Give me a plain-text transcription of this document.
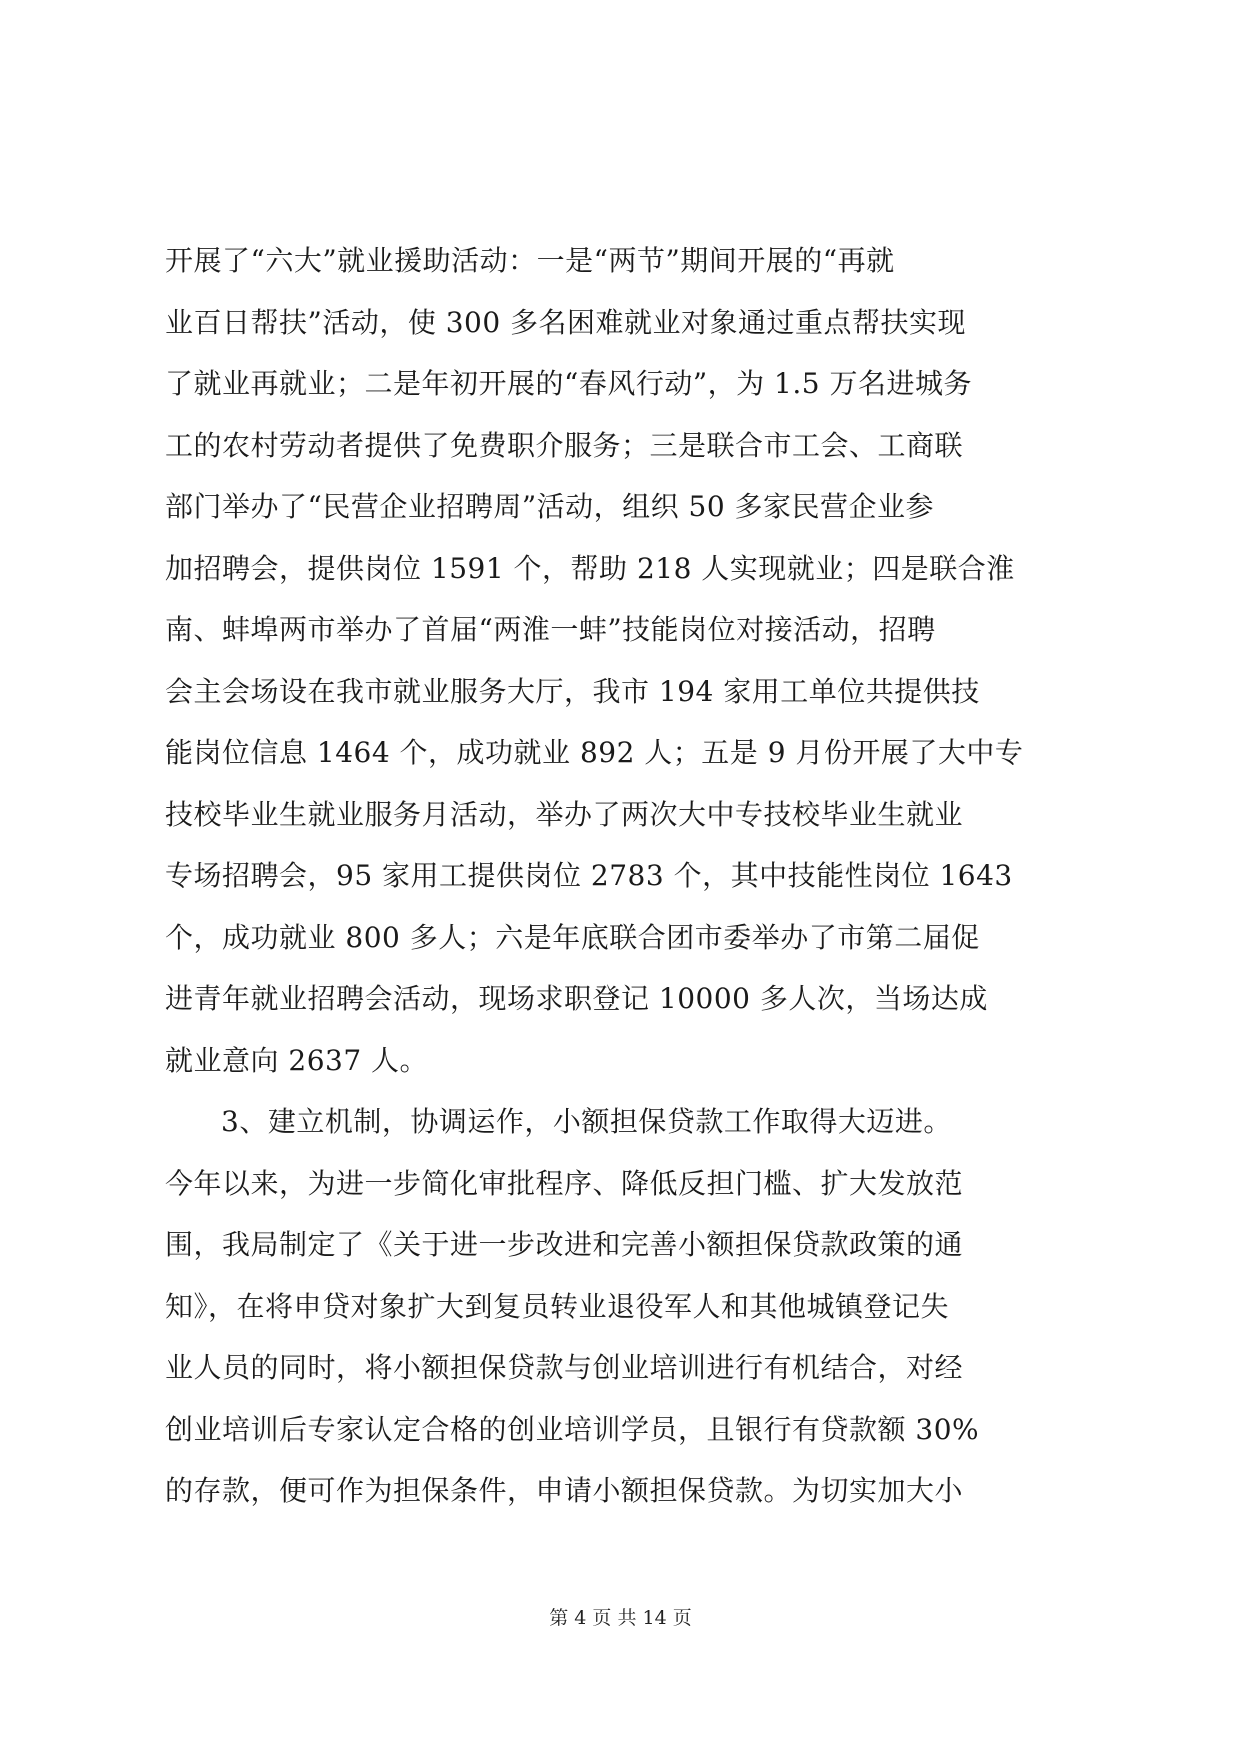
开展了“六大”就业援助活动：一是“两节”期间开展的“再就
业百日帮扶”活动，使 300 多名困难就业对象通过重点帮扶实现
了就业再就业；二是年初开展的“春风行动”，为 1.5 万名进城务
工的农村劳动者提供了免费职介服务；三是联合市工会、工商联
部门举办了“民营企业招聘周”活动，组织 50 多家民营企业参
加招聘会，提供岗位 1591 个，帮助 218 人实现就业；四是联合淮
南、蚌埠两市举办了首届“两淮一蚌”技能岗位对接活动，招聘
会主会场设在我市就业服务大厅，我市 194 家用工单位共提供技
能岗位信息 1464 个，成功就业 892 人；五是 9 月份开展了大中专
技校毕业生就业服务月活动，举办了两次大中专技校毕业生就业
专场招聘会，95 家用工提供岗位 2783 个，其中技能性岗位 1643
个，成功就业 800 多人；六是年底联合团市委举办了市第二届促
进青年就业招聘会活动，现场求职登记 10000 多人次，当场达成
就业意向 2637 人。
3、建立机制，协调运作，小额担保贷款工作取得大迈进。
今年以来，为进一步简化审批程序、降低反担门槛、扩大发放范
围，我局制定了《关于进一步改进和完善小额担保贷款政策的通
知》，在将申贷对象扩大到复员转业退役军人和其他城镇登记失
业人员的同时，将小额担保贷款与创业培训进行有机结合，对经
创业培训后专家认定合格的创业培训学员，且银行有贷款额 30%
的存款，便可作为担保条件，申请小额担保贷款。为切实加大小
第 4 页 共 14 页
